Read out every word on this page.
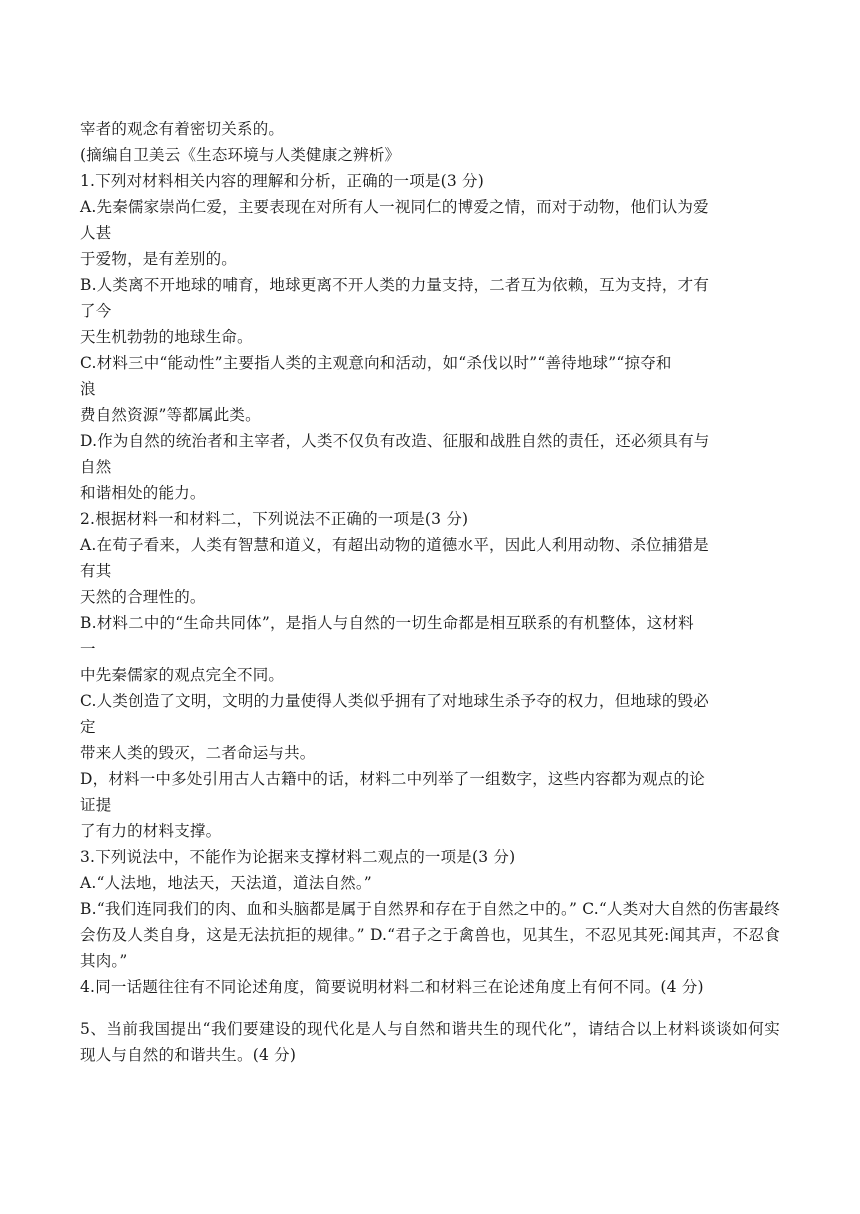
宰者的观念有着密切关系的。
(摘编自卫美云《生态环境与人类健康之辨析》
1.下列对材料相关内容的理解和分析，正确的一项是(3 分)
A.先秦儒家崇尚仁爱，主要表现在对所有人一视同仁的博爱之情，而对于动物，他们认为爱
人甚
于爱物，是有差别的。
B.人类离不开地球的哺育，地球更离不开人类的力量支持，二者互为依赖，互为支持，才有
了今
天生机勃勃的地球生命。
C.材料三中“能动性”主要指人类的主观意向和活动，如“杀伐以时”“善待地球”“掠夺和
浪
费自然资源”等都属此类。
D.作为自然的统治者和主宰者，人类不仅负有改造、征服和战胜自然的责任，还必须具有与
自然
和谐相处的能力。
2.根据材料一和材料二，下列说法不正确的一项是(3 分)
A.在荀子看来，人类有智慧和道义，有超出动物的道德水平，因此人利用动物、杀位捕猎是
有其
天然的合理性的。
B.材料二中的“生命共同体”，是指人与自然的一切生命都是相互联系的有机整体，这材料
一
中先秦儒家的观点完全不同。
C.人类创造了文明，文明的力量使得人类似乎拥有了对地球生杀予夺的权力，但地球的毁必
定
带来人类的毁灭，二者命运与共。
D，材料一中多处引用古人古籍中的话，材料二中列举了一组数字，这些内容都为观点的论
证提
了有力的材料支撑。
3.下列说法中，不能作为论据来支撑材料二观点的一项是(3 分)
A.“人法地，地法天，天法道，道法自然。”
B.“我们连同我们的肉、血和头脑都是属于自然界和存在于自然之中的。” C.“人类对大自然的伤害最终会伤及人类自身，这是无法抗拒的规律。” D.“君子之于禽兽也，见其生，不忍见其死:闻其声，不忍食其肉。”
4.同一话题往往有不同论述角度，简要说明材料二和材料三在论述角度上有何不同。(4 分)
5、当前我国提出“我们要建设的现代化是人与自然和谐共生的现代化”，请结合以上材料谈谈如何实现人与自然的和谐共生。(4 分)
